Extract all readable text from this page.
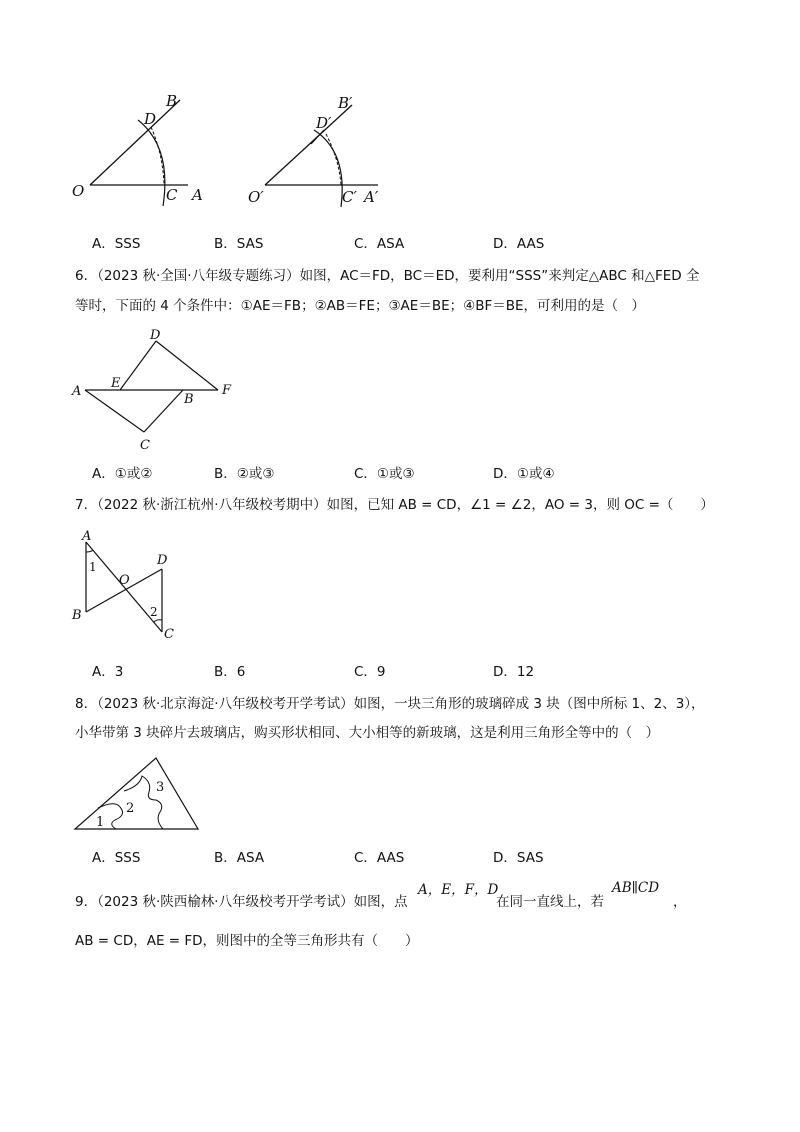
B
D
O	C A
B′
D′
O′	C′ A′
A．SSS	B．SAS	C．ASA	D．AAS
6．（2023 秋·全国·八年级专题练习）如图，AC＝FD，BC＝ED，要利用“SSS”来判定△ABC 和△FED 全
等时，下面的 4 个条件中：①AE＝FB；②AB＝FE；③AE＝BE；④BF＝BE，可利用的是（　）
D
A
E	F
B
C
A．①或②	B．②或③	C．①或③	D．①或④
7．（2022 秋·浙江杭州·八年级校考期中）如图，已知 AB = CD，∠1 = ∠2，AO = 3，则 OC =（　　）
A
D
O
B
C
1
2
A．3	B．6	C．9	D．12
8．（2023 秋·北京海淀·八年级校考开学考试）如图，一块三角形的玻璃碎成 3 块（图中所标 1、2、3），
小华带第 3 块碎片去玻璃店，购买形状相同、大小相等的新玻璃，这是利用三角形全等中的（　）
1
2
3
A．SSS	B．ASA	C．AAS	D．SAS
9．（2023 秋·陕西榆林·八年级校考开学考试）如图，点
A，E，F，D
在同一直线上，若
AB∥CD
，
AB = CD，AE = FD，则图中的全等三角形共有（　　）
